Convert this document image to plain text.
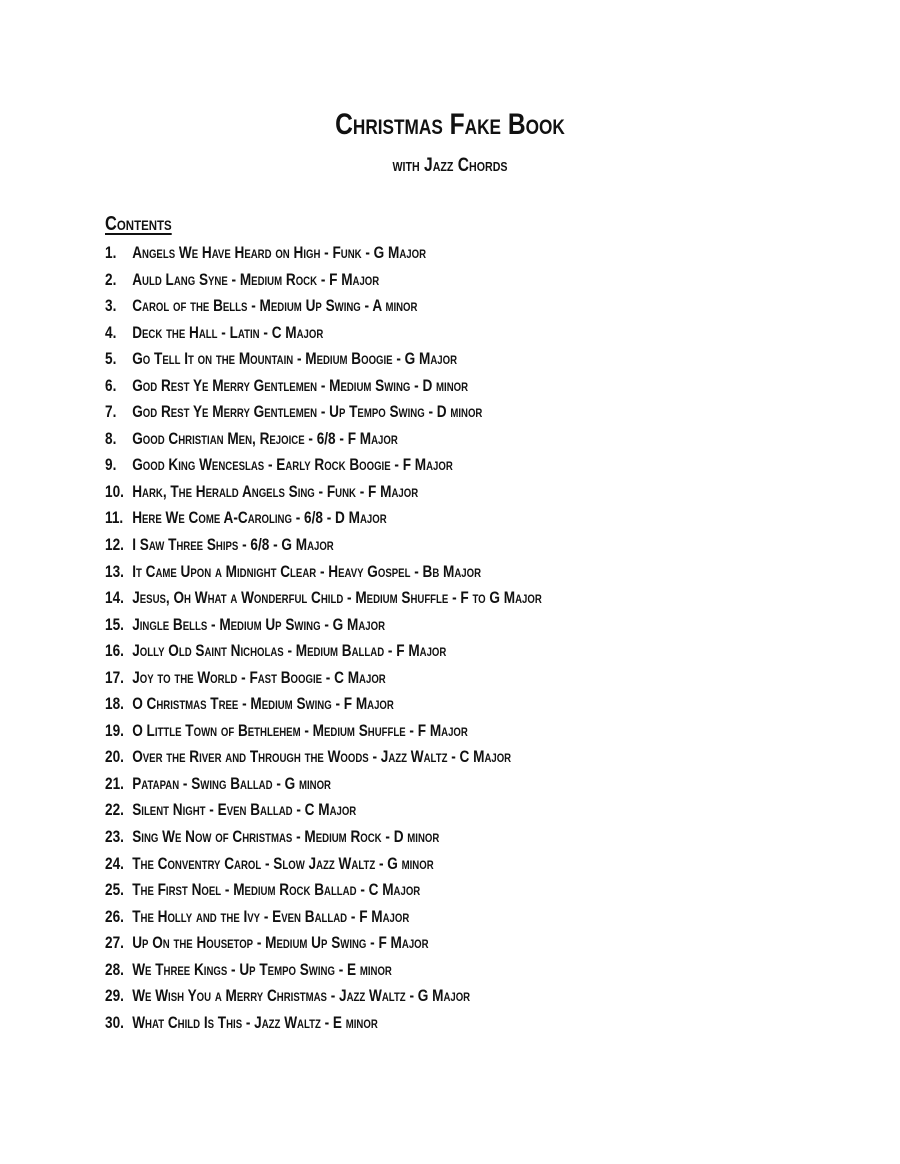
Christmas Fake Book
with Jazz Chords
Contents
1. Angels We Have Heard on High - Funk - G Major
2. Auld Lang Syne - Medium Rock - F Major
3. Carol of the Bells - Medium Up Swing - A minor
4. Deck the Hall - Latin - C Major
5. Go Tell It on the Mountain - Medium Boogie - G Major
6. God Rest Ye Merry Gentlemen - Medium Swing - D minor
7. God Rest Ye Merry Gentlemen - Up Tempo Swing - D minor
8. Good Christian Men, Rejoice - 6/8 - F Major
9. Good King Wenceslas - Early Rock Boogie - F Major
10. Hark, The Herald Angels Sing - Funk - F Major
11. Here We Come A-Caroling - 6/8 - D Major
12. I Saw Three Ships - 6/8 - G Major
13. It Came Upon a Midnight Clear - Heavy Gospel - Bb Major
14. Jesus, Oh What a Wonderful Child - Medium Shuffle - F to G Major
15. Jingle Bells - Medium Up Swing - G Major
16. Jolly Old Saint Nicholas - Medium Ballad - F Major
17. Joy to the World - Fast Boogie - C Major
18. O Christmas Tree - Medium Swing - F Major
19. O Little Town of Bethlehem - Medium Shuffle - F Major
20. Over the River and Through the Woods - Jazz Waltz - C Major
21. Patapan - Swing Ballad - G minor
22. Silent Night - Even Ballad - C Major
23. Sing We Now of Christmas - Medium Rock - D minor
24. The Conventry Carol - Slow Jazz Waltz - G minor
25. The First Noel - Medium Rock Ballad - C Major
26. The Holly and the Ivy - Even Ballad - F Major
27. Up On the Housetop - Medium Up Swing - F Major
28. We Three Kings - Up Tempo Swing - E minor
29. We Wish You a Merry Christmas - Jazz Waltz - G Major
30. What Child Is This - Jazz Waltz - E minor
